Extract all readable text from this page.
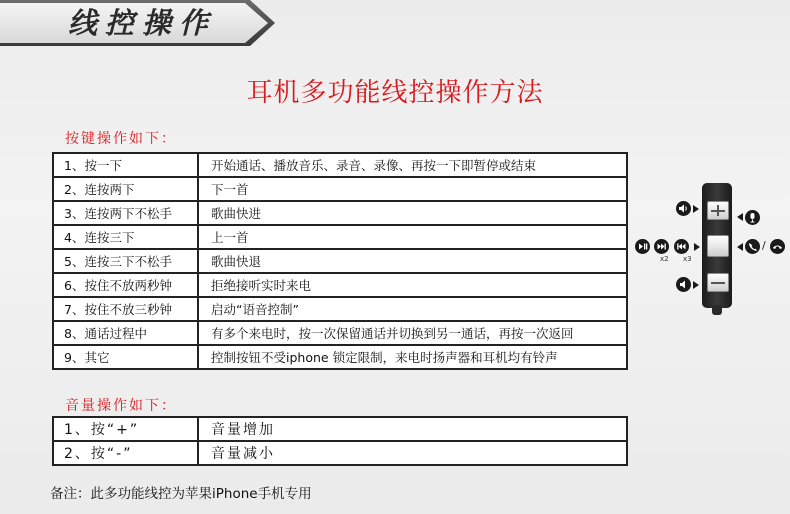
线控操作
耳机多功能线控操作方法
按键操作如下：
1、按一下	开始通话、播放音乐、录音、录像、再按一下即暂停或结束
2、连按两下	下一首
3、连按两下不松手	歌曲快进
4、连按三下	上一首
5、连按三下不松手	歌曲快退
6、按住不放两秒钟	拒绝接听实时来电
7、按住不放三秒钟	启动“语音控制”
8、通话过程中	有多个来电时，按一次保留通话并切换到另一通话，再按一次返回
9、其它	控制按钮不受iphone 锁定限制，来电时扬声器和耳机均有铃声
音量操作如下：
1、按“+”	音量增加
2、按“-”	音量减小
备注：此多功能线控为苹果iPhone手机专用
x2 x3
/
